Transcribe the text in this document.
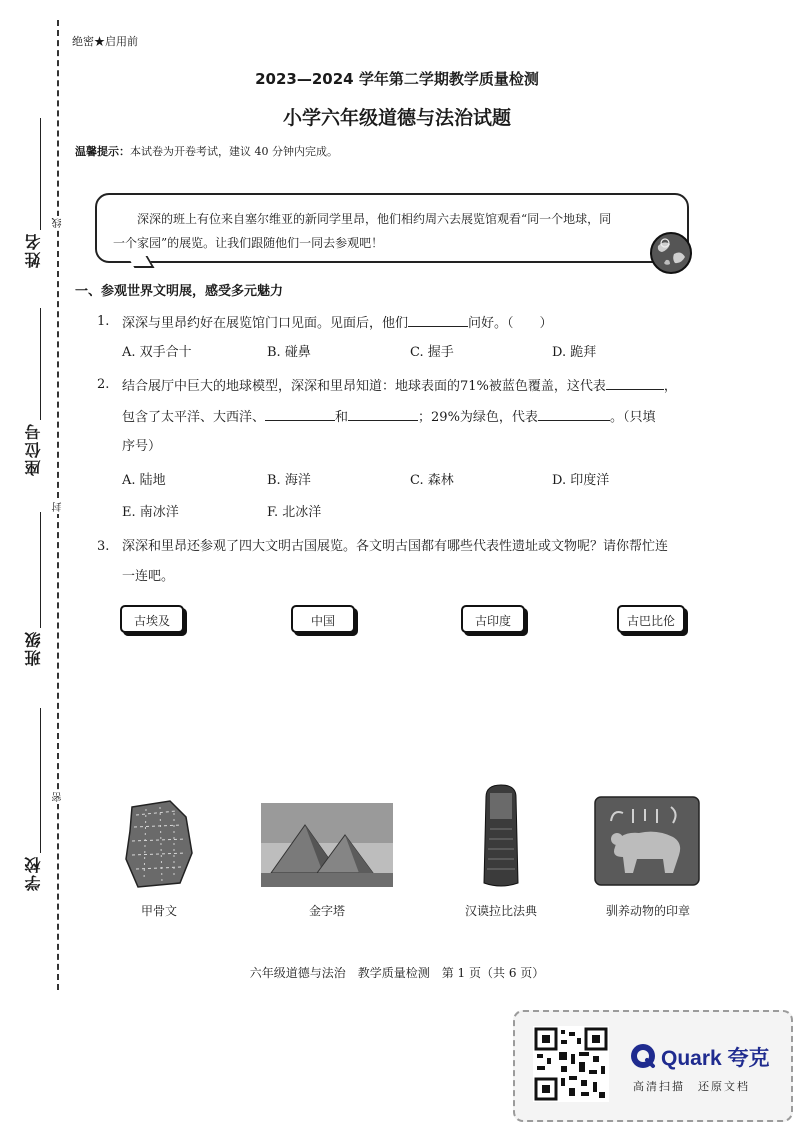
线
封
密
姓名
座位号
班级
学校
绝密★启用前
2023—2024 学年第二学期教学质量检测
小学六年级道德与法治试题
温馨提示：本试卷为开卷考试，建议 40 分钟内完成。
深深的班上有位来自塞尔维亚的新同学里昂，他们相约周六去展览馆观看“同一个地球，同
一个家园”的展览。让我们跟随他们一同去参观吧！
一、参观世界文明展，感受多元魅力
1. 深深与里昂约好在展览馆门口见面。见面后，他们	问好。（　　）
A. 双手合十	B. 碰鼻	C. 握手	D. 跪拜
2. 结合展厅中巨大的地球模型，深深和里昂知道：地球表面的71%被蓝色覆盖，这代表	，
包含了太平洋、大西洋、	和	；29%为绿色，代表	。（只填
序号）
A. 陆地	B. 海洋	C. 森林	D. 印度洋
E. 南冰洋	F. 北冰洋
3. 深深和里昂还参观了四大文明古国展览。各文明古国都有哪些代表性遗址或文物呢？请你帮忙连
一连吧。
古埃及	中国	古印度	古巴比伦
甲骨文	金字塔	汉谟拉比法典	驯养动物的印章
六年级道德与法治　教学质量检测　第 1 页（共 6 页）
Quark 夸克
高清扫描　还原文档
